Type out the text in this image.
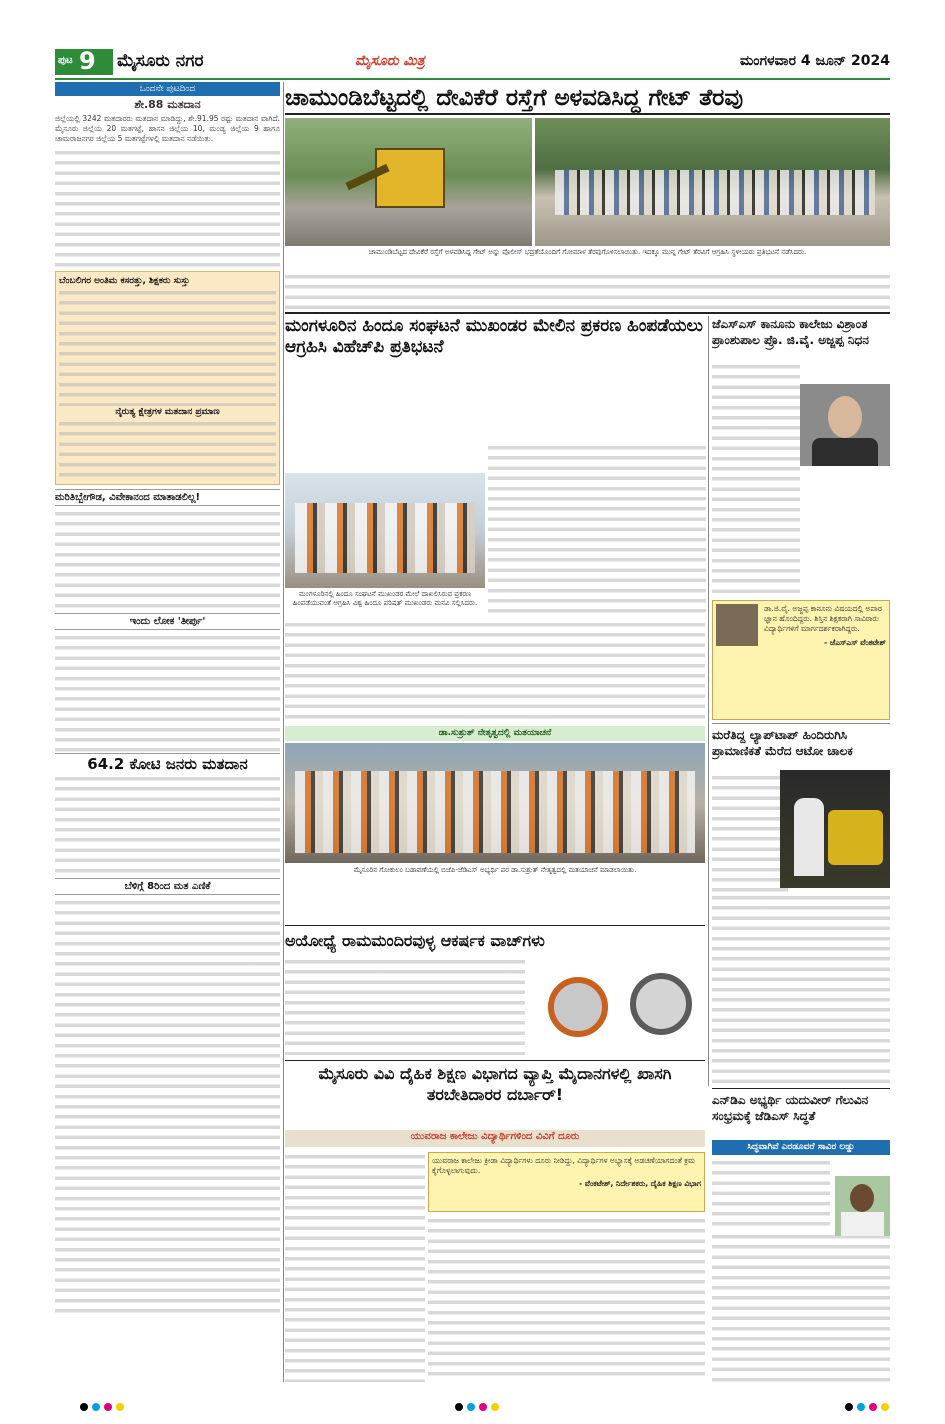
ಪುಟ 9 ಮೈಸೂರು ನಗರ	ಮೈಸೂರು ಮಿತ್ರ	ಮಂಗಳವಾರ 4 ಜೂನ್ 2024
ಒಂದನೇ ಪುಟದಿಂದ
ಶೇ.88 ಮತದಾನ

ಜಿಲ್ಲೆಯಲ್ಲಿ 3242 ಮತದಾರರು ಮತದಾನ ಮಾಡಿದ್ದು, ಶೇ.91.95 ರಷ್ಟು ಮತದಾನ ವಾಗಿದೆ. ಮೈಸೂರು ಜಿಲ್ಲೆಯ 20 ಮತಗಟ್ಟೆ, ಹಾಸನ ಜಿಲ್ಲೆಯ 10, ಮಂಡ್ಯ ಜಿಲ್ಲೆಯ 9 ಹಾಗೂ ಚಾಮರಾಜನಗರ ಜಿಲ್ಲೆಯ 5 ಮತಗಟ್ಟೆಗಳಲ್ಲಿ ಮತದಾನ ನಡೆಯಿತು.

ಬೆಂಬಲಿಗರ ಅಂತಿಮ ಕಸರತ್ತು, ಶಿಕ್ಷಕರು ಸುಸ್ತು
ನೈರುತ್ಯ ಕ್ಷೇತ್ರಗಳ ಮತದಾನ ಪ್ರಮಾಣ
ಮರಿತಿಬ್ಬೇಗೌಡ, ವಿವೇಕಾನಂದ ಮಾತಾಡಲಿಲ್ಲ!
ಇಂದು ಲೋಕ 'ತೀರ್ಪು'
64.2 ಕೋಟಿ ಜನರು ಮತದಾನ
ಬೆಳಿಗ್ಗೆ 8ರಿಂದ ಮತ ಎಣಿಕೆ
ಚಾಮುಂಡಿಬೆಟ್ಟದಲ್ಲಿ ದೇವಿಕೆರೆ ರಸ್ತೆಗೆ ಅಳವಡಿಸಿದ್ದ ಗೇಟ್ ತೆರವು
ಚಾಮುಂಡಿಬೆಟ್ಟದ ದೇವಿಕೆರೆ ರಸ್ತೆಗೆ ಅಳವಡಿಸಿದ್ದ ಗೇಟ್ ಅನ್ನು ಪೊಲೀಸ್ ಭದ್ರತೆಯೊಂದಿಗೆ ಗೋಮಾಳ ತೆರವುಗೊಳಿಸಲಾಯಿತು. ಇದಕ್ಕೂ ಮುನ್ನ ಗೇಟ್ ತೆರವಿಗೆ ಆಗ್ರಹಿಸಿ ಸ್ಥಳೀಯರು ಪ್ರತಿಭಟನೆ ನಡೆಸಿದರು.
ಮಂಗಳೂರಿನ ಹಿಂದೂ ಸಂಘಟನೆ ಮುಖಂಡರ ಮೇಲಿನ ಪ್ರಕರಣ ಹಿಂಪಡೆಯಲು ಆಗ್ರಹಿಸಿ ವಿಹೆಚ್‌ಪಿ ಪ್ರತಿಭಟನೆ
ಮಂಗಳೂರಿನಲ್ಲಿ ಹಿಂದೂ ಸಂಘಟನೆ ಮುಖಂಡರ ಮೇಲೆ ದಾಖಲಿಸಿರುವ ಪ್ರಕರಣ ಹಿಂಪಡೆಯುವಂತೆ ಆಗ್ರಹಿಸಿ ವಿಶ್ವ ಹಿಂದೂ ಪರಿಷತ್ ಮುಖಂಡರು ಮನವಿ ಸಲ್ಲಿಸಿದರು.
ಜೆಎಸ್‌ಎಸ್ ಕಾನೂನು ಕಾಲೇಜು ವಿಶ್ರಾಂತ ಪ್ರಾಂಶುಪಾಲ ಪ್ರೊ. ಜಿ.ವೈ. ಅಜ್ಜಪ್ಪ ನಿಧನ
ಡಾ.ಜಿ.ವೈ. ಅಜ್ಜಪ್ಪ ಕಾನೂನು ವಿಷಯದಲ್ಲಿ ಅಪಾರ ಜ್ಞಾನ ಹೊಂದಿದ್ದರು. ಶಿಸ್ತಿನ ಶಿಕ್ಷಕರಾಗಿ ಸಾವಿರಾರು ವಿದ್ಯಾರ್ಥಿಗಳಿಗೆ ಮಾರ್ಗದರ್ಶಕರಾಗಿದ್ದರು.
- ಜೆಎಸ್‌ಎಸ್ ವೆಂಕಟೇಶ್
ಡಾ.ಸುಶ್ರುತ್ ನೇತೃತ್ವದಲ್ಲಿ ಮತಯಾಚನೆ
ಮೈಸೂರಿನ ಗೋಕುಲಂ ಬಡಾವಣೆಯಲ್ಲಿ ಬಿಜೆಪಿ-ಜೆಡಿಎಸ್ ಅಭ್ಯರ್ಥಿ ಪರ ಡಾ.ಸುಶ್ರುತ್ ನೇತೃತ್ವದಲ್ಲಿ ಮತಯಾಚನೆ ಮಾಡಲಾಯಿತು.
ಮರೆತಿದ್ದ ಲ್ಯಾಪ್‌ಟಾಪ್ ಹಿಂದಿರುಗಿಸಿ ಪ್ರಾಮಾಣಿಕತೆ ಮೆರೆದ ಆಟೋ ಚಾಲಕ
ಅಯೋಧ್ಯೆ ರಾಮಮಂದಿರವುಳ್ಳ ಆಕರ್ಷಕ ವಾಚ್‌ಗಳು
ಮೈಸೂರು ವಿವಿ ದೈಹಿಕ ಶಿಕ್ಷಣ ವಿಭಾಗದ ವ್ಯಾಪ್ತಿ ಮೈದಾನಗಳಲ್ಲಿ ಖಾಸಗಿ ತರಬೇತಿದಾರರ ದರ್ಬಾರ್!
ಯುವರಾಜ ಕಾಲೇಜು ವಿದ್ಯಾರ್ಥಿಗಳಿಂದ ವಿವಿಗೆ ದೂರು
ಯುವರಾಜ ಕಾಲೇಜು ಕ್ರೀಡಾ ವಿದ್ಯಾರ್ಥಿಗಳು ದೂರು ನೀಡಿದ್ದು, ವಿದ್ಯಾರ್ಥಿಗಳ ಅಭ್ಯಾಸಕ್ಕೆ ಅಡಚಣೆಯಾಗದಂತೆ ಕ್ರಮ ಕೈಗೊಳ್ಳಲಾಗುವುದು.
- ವೆಂಕಟೇಶ್, ನಿರ್ದೇಶಕರು, ದೈಹಿಕ ಶಿಕ್ಷಣ ವಿಭಾಗ
ಎನ್‌ಡಿಎ ಅಭ್ಯರ್ಥಿ ಯದುವೀರ್ ಗೆಲುವಿನ ಸಂಭ್ರಮಕ್ಕೆ ಜೆಡಿಎಸ್ ಸಿದ್ಧತೆ
ಸಿದ್ಧವಾಗಿವೆ ಎರಡೂವರೆ ಸಾವಿರ ಲಡ್ಡು
